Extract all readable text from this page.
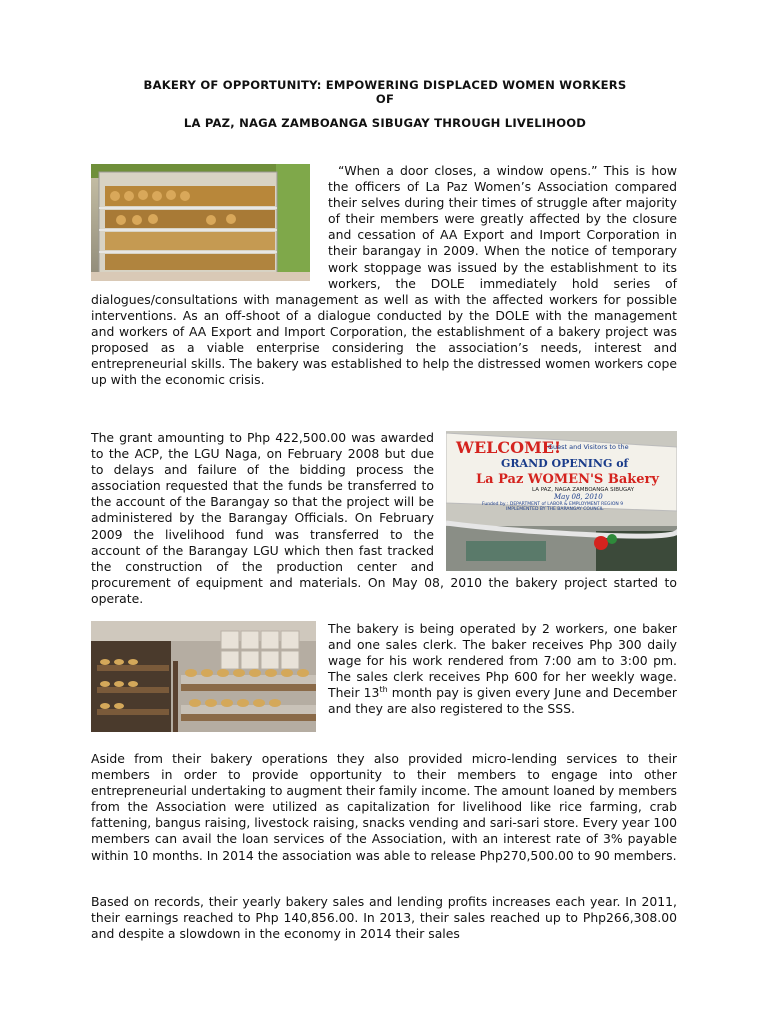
BAKERY OF OPPORTUNITY: EMPOWERING DISPLACED WOMEN WORKERS
OF
LA PAZ, NAGA ZAMBOANGA SIBUGAY THROUGH LIVELIHOOD
“When a door closes, a window opens.” This is how the officers of La Paz Women’s Association compared their selves during their times of struggle after majority of their members were greatly affected by the closure and cessation of AA Export and Import Corporation in their barangay in 2009. When the notice of temporary work stoppage was issued by the establishment to its workers, the DOLE immediately hold series of dialogues/consultations with management as well as with the affected workers for possible interventions. As an off-shoot of a dialogue conducted by the DOLE with the management and workers of AA Export and Import Corporation, the establishment of a bakery project was proposed as a viable enterprise considering the association’s needs, interest and entrepreneurial skills. The bakery was established to help the distressed women workers cope up with the economic crisis.
WELCOME!
Guest and Visitors to the
GRAND OPENING of
La Paz WOMEN'S Bakery
LA PAZ, NAGA ZAMBOANGA SIBUGAY
May 08, 2010
Funded by : DEPARTMENT of LABOR & EMPLOYMENT REGION 9
IMPLEMENTED BY THE BARANGAY COUNCIL
The grant amounting to Php 422,500.00 was awarded to the ACP, the LGU Naga, on February 2008 but due to delays and failure of the bidding process the association requested that the funds be transferred to the account of the Barangay so that the project will be administered by the Barangay Officials. On February 2009 the livelihood fund was transferred to the account of the Barangay LGU which then fast tracked the construction of the production center and procurement of equipment and materials. On May 08, 2010 the bakery project started to operate.
The bakery is being operated by 2 workers, one baker and one sales clerk. The baker receives Php 300 daily wage for his work rendered from 7:00 am to 3:00 pm. The sales clerk receives Php 600 for her weekly wage. Their 13th month pay is given every June and December and they are also registered to the SSS.
Aside from their bakery operations they also provided micro-lending services to their members in order to provide opportunity to their members to engage into other entrepreneurial undertaking to augment their family income. The amount loaned by members from the Association were utilized as capitalization for livelihood like rice farming, crab fattening, bangus raising, livestock raising, snacks vending and sari-sari store. Every year 100 members can avail the loan services of the Association, with an interest rate of 3% payable within 10 months. In 2014 the association was able to release Php270,500.00 to 90 members.
Based on records, their yearly bakery sales and lending profits increases each year. In 2011, their earnings reached to Php 140,856.00. In 2013, their sales reached up to Php266,308.00 and despite a slowdown in the economy in 2014 their sales
